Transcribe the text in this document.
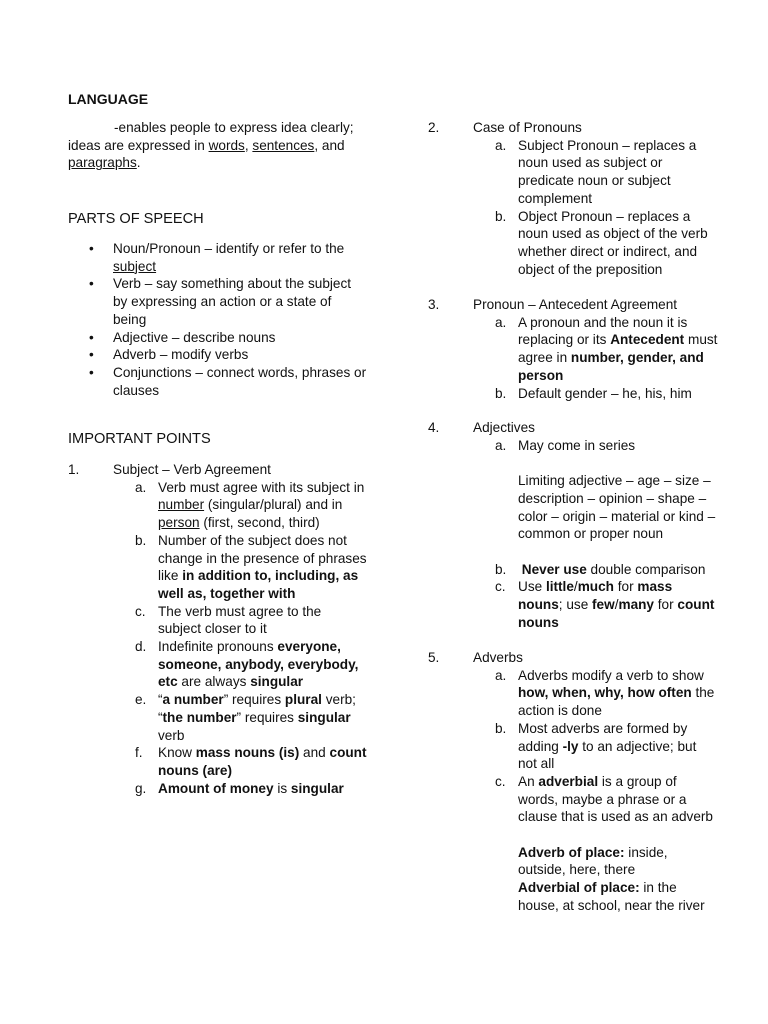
LANGUAGE
-enables people to express idea clearly; ideas are expressed in words, sentences, and paragraphs.
PARTS OF SPEECH
• Noun/Pronoun – identify or refer to the subject
• Verb – say something about the subject by expressing an action or a state of being
• Adjective – describe nouns
• Adverb – modify verbs
• Conjunctions – connect words, phrases or clauses
IMPORTANT POINTS
1.	Subject – Verb Agreement
a. Verb must agree with its subject in number (singular/plural) and in person (first, second, third)
b. Number of the subject does not change in the presence of phrases like in addition to, including, as well as, together with
c. The verb must agree to the subject closer to it
d. Indefinite pronouns everyone, someone, anybody, everybody, etc are always singular
e. “a number” requires plural verb; “the number” requires singular verb
f. Know mass nouns (is) and count nouns (are)
g. Amount of money is singular
2.	Case of Pronouns
a. Subject Pronoun – replaces a noun used as subject or predicate noun or subject complement
b. Object Pronoun – replaces a noun used as object of the verb whether direct or indirect, and object of the preposition
3.	Pronoun – Antecedent Agreement
a. A pronoun and the noun it is replacing or its Antecedent must agree in number, gender, and person
b. Default gender – he, his, him
4.	Adjectives
a. May come in series
Limiting adjective – age – size – description – opinion – shape – color – origin – material or kind – common or proper noun
b. Never use double comparison
c. Use little/much for mass nouns; use few/many for count nouns
5.	Adverbs
a. Adverbs modify a verb to show how, when, why, how often the action is done
b. Most adverbs are formed by adding -ly to an adjective; but not all
c. An adverbial is a group of words, maybe a phrase or a clause that is used as an adverb
Adverb of place: inside, outside, here, there
Adverbial of place: in the house, at school, near the river
